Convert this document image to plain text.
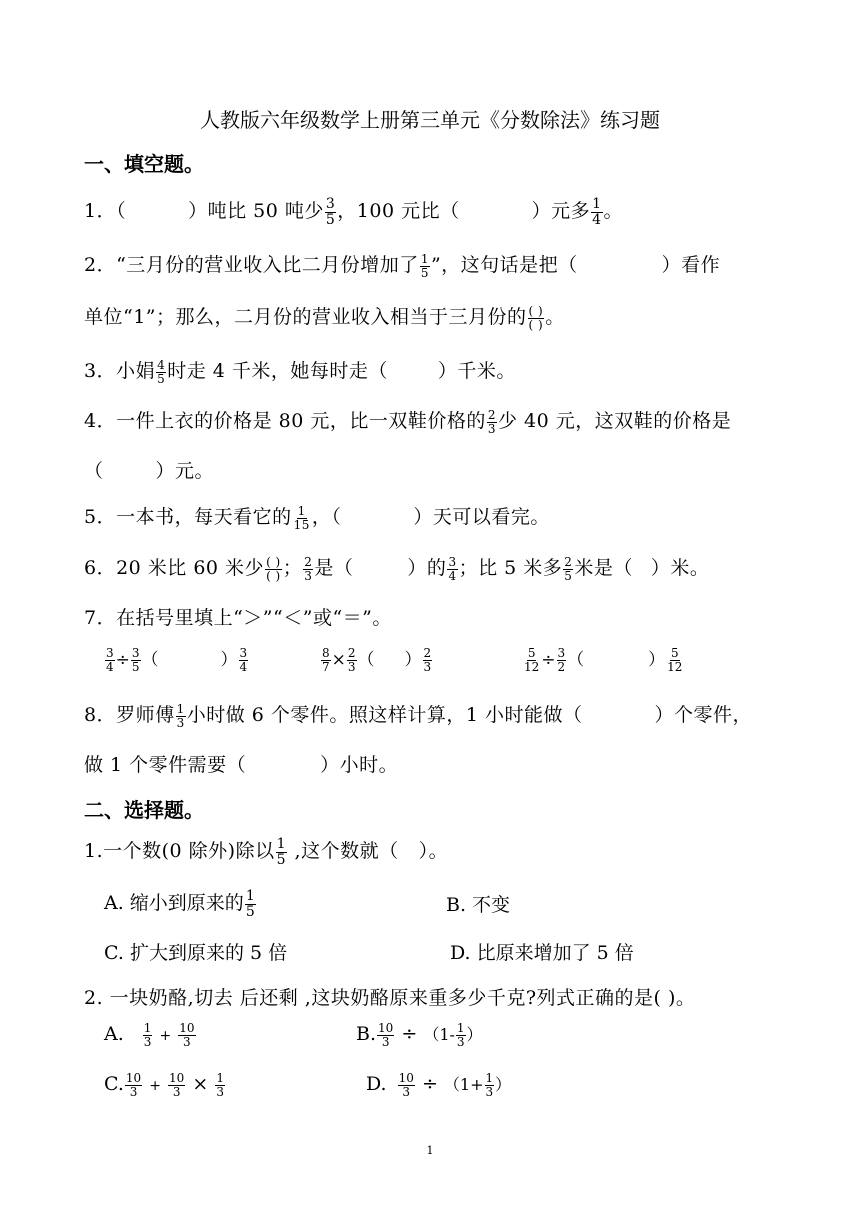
人教版六年级数学上册第三单元《分数除法》练习题
一、填空题。
1．（	）吨比 50 吨少 $\frac{3}{5}$ ，100 元比（	）元多 $\frac{1}{4}$ 。
2．“三月份的营业收入比二月份增加了 $\frac{1}{5}$ ”，这句话是把（	）看作
单位“1”；那么，二月份的营业收入相当于三月份的 $\frac{( )}{( )}$ 。
3．小娟 $\frac{4}{5}$ 时走 4 千米，她每时走（	）千米。
4．一件上衣的价格是 80 元，比一双鞋价格的 $\frac{2}{3}$ 少 40 元，这双鞋的价格是
（	）元。
5．一本书，每天看它的 $\frac{1}{15}$ ，（	）天可以看完。
6．20 米比 60 米少 $\frac{( )}{( )}$ ； $\frac{2}{3}$ 是（	）的 $\frac{3}{4}$ ；比 5 米多 $\frac{2}{5}$ 米是（ ）米。
7．在括号里填上“＞”“＜”或“＝”。
$\frac{3}{4} \div \frac{3}{5}$ （	） $\frac{3}{4}$	$\frac{8}{7} \times \frac{2}{3}$ （ ） $\frac{2}{3}$	$\frac{5}{12} \div \frac{3}{2}$ （	） $\frac{5}{12}$
8．罗师傅 $\frac{1}{3}$ 小时做 6 个零件。照这样计算，1 小时能做（	）个零件，
做 1 个零件需要（	）小时。
二、选择题。
1.一个数(0 除外)除以 $\frac{1}{5}$ ,这个数就（ ）。
A. 缩小到原来的 $\frac{1}{5}$	B. 不变
C. 扩大到原来的 5 倍	D. 比原来增加了 5 倍
2. 一块奶酪,切去 后还剩 ,这块奶酪原来重多少千克?列式正确的是( )。
A. $\frac{1}{3} + \frac{10}{3}$	B. $\frac{10}{3} \div (1- \frac{1}{3}$ ）
C. $\frac{10}{3} + \frac{10}{3} \times \frac{1}{3}$	D. $\frac{10}{3} \div (1+ \frac{1}{3}$ ）
1
